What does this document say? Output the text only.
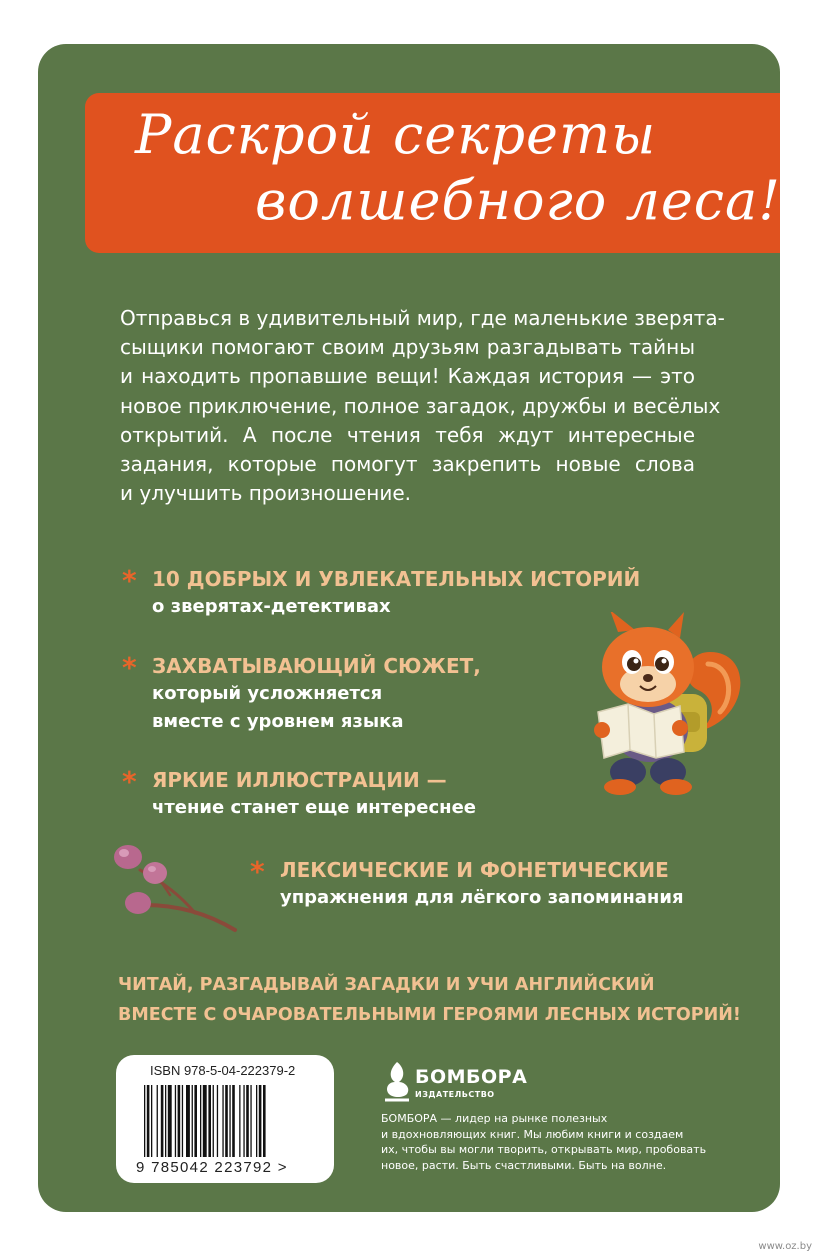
Раскрой секреты
волшебного леса!
Отправься в удивительный мир, где маленькие зверята-
сыщики помогают своим друзьям разгадывать тайны
и находить пропавшие вещи! Каждая история — это
новое приключение, полное загадок, дружбы и весёлых
открытий. А после чтения тебя ждут интересные
задания, которые помогут закрепить новые слова
и улучшить произношение.
* 10 ДОБРЫХ И УВЛЕКАТЕЛЬНЫХ ИСТОРИЙ
о зверятах-детективах
* ЗАХВАТЫВАЮЩИЙ СЮЖЕТ,
который усложняется
вместе с уровнем языка
* ЯРКИЕ ИЛЛЮСТРАЦИИ —
чтение станет еще интереснее
* ЛЕКСИЧЕСКИЕ И ФОНЕТИЧЕСКИЕ
упражнения для лёгкого запоминания
ЧИТАЙ, РАЗГАДЫВАЙ ЗАГАДКИ И УЧИ АНГЛИЙСКИЙ
ВМЕСТЕ С ОЧАРОВАТЕЛЬНЫМИ ГЕРОЯМИ ЛЕСНЫХ ИСТОРИЙ!
ISBN 978-5-04-222379-2
9 785042 223792 >
БОМБОРА
ИЗДАТЕЛЬСТВО
БОМБОРА — лидер на рынке полезных
и вдохновляющих книг. Мы любим книги и создаем
их, чтобы вы могли творить, открывать мир, пробовать
новое, расти. Быть счастливыми. Быть на волне.
www.oz.by
